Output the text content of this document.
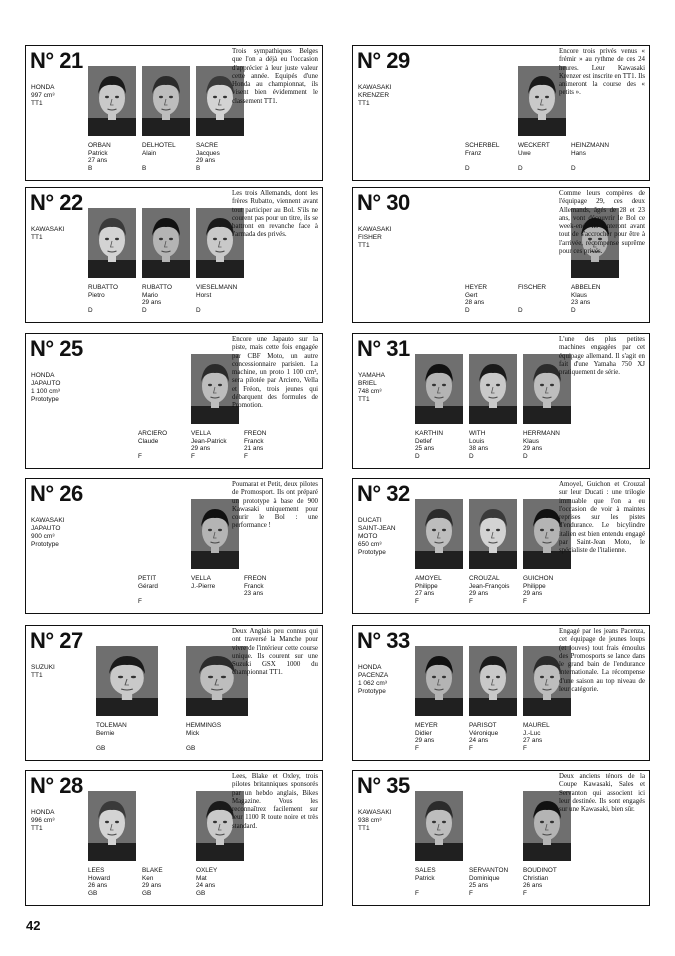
N° 21
HONDA
997 cm³
TT1
ORBAN
Patrick
27 ans
B
DELHOTEL
Alain

B
SACRE
Jacques
29 ans
B
Trois sympathiques Belges que l'on a déjà eu l'occasion d'apprécier à leur juste valeur cette année. Equipés d'une Honda au championnat, ils visent bien évidemment le classement TT1.
N° 29
KAWASAKI
KRENZER
TT1
SCHERBEL
Franz

D
WECKERT
Uwe

D
HEINZMANN
Hans

D
Encore trois privés venus « frémir » au rythme de ces 24 heures. Leur Kawasaki Krenzer est inscrite en TT1. Ils animeront la course des « petits ».
N° 22
KAWASAKI
TT1
RUBATTO
Pietro

D
RUBATTO
Mario
29 ans
D
VIESELMANN
Horst

D
Les trois Allemands, dont les frères Rubatto, viennent avant tout participer au Bol. S'ils ne courent pas pour un titre, ils se battront en revanche face à l'armada des privés.
N° 30
KAWASAKI
FISHER
TT1
HEYER
Gert
28 ans
D
FISCHER

D
ABBELEN
Klaus
23 ans
D
Comme leurs compères de l'équipage 29, ces deux Allemands, âgés de 28 et 23 ans, vont découvrir le Bol ce week-end. Ils tenteront avant tout de s'accrocher pour être à l'arrivée, récompense suprême pour ces privés.
N° 25
HONDA
JAPAUTO
1 100 cm³
Prototype
ARCIERO
Claude

F
VELLA
Jean-Patrick
29 ans
F
FREON
Franck
21 ans
F
Encore une Japauto sur la piste, mais cette fois engagée par CBF Moto, un autre concessionnaire parisien. La machine, un proto 1 100 cm³, sera pilotée par Arciero, Vella et Fréon, trois jeunes qui débarquent des formules de Promotion.
N° 31
YAMAHA
BRIEL
748 cm³
TT1
KARTHIN
Detlef
25 ans
D
WITH
Louis
38 ans
D
HERRMANN
Klaus
29 ans
D
L'une des plus petites machines engagées par cet équipage allemand. Il s'agit en fait d'une Yamaha 750 XJ pratiquement de série.
N° 26
KAWASAKI
JAPAUTO
900 cm³
Prototype
PETIT
Gérard

F
VELLA
J.-Pierre

FREON
Franck
23 ans

Poumarat et Petit, deux pilotes de Promosport. Ils ont préparé un prototype à base de 900 Kawasaki uniquement pour courir le Bol : une performance !
N° 32
DUCATI
SAINT-JEAN
MOTO
650 cm³
Prototype
AMOYEL
Philippe
27 ans
F
CROUZAL
Jean-François
29 ans
F
GUICHON
Philippe
29 ans
F
Amoyel, Guichon et Crouzal sur leur Ducati : une trilogie immuable que l'on a eu l'occasion de voir à maintes reprises sur les pistes d'endurance. Le bicylindre italien est bien entendu engagé par Saint-Jean Moto, le spécialiste de l'italienne.
N° 27
SUZUKI
TT1
TOLEMAN
Bernie

GB
HEMMINGS
Mick

GB
Deux Anglais peu connus qui ont traversé la Manche pour vivre de l'intérieur cette course unique. Ils courent sur une Suzuki GSX 1000 du championnat TT1.
N° 33
HONDA
PACENZA
1 062 cm³
Prototype
MEYER
Didier
29 ans
F
PARISOT
Véronique
24 ans
F
MAUREL
J.-Luc
27 ans
F
Engagé par les jeans Pacenza, cet équipage de jeunes loups (et louves) tout frais émoulus des Promosports se lance dans le grand bain de l'endurance internationale. La récompense d'une saison au top niveau de leur catégorie.
N° 28
HONDA
996 cm³
TT1
LEES
Howard
26 ans
GB
BLAKE
Ken
29 ans
GB
OXLEY
Mat
24 ans
GB
Lees, Blake et Oxley, trois pilotes britanniques sponsorés par un hebdo anglais, Bikes Magazine. Vous les reconnaîtrez facilement sur leur 1100 R toute noire et très standard.
N° 35
KAWASAKI
938 cm³
TT1
SALES
Patrick

F
SERVANTON
Dominique
25 ans
F
BOUDINOT
Christian
26 ans
F
Deux anciens ténors de la Coupe Kawasaki, Sales et Servanton qui associent ici leur destinée. Ils sont engagés sur une Kawasaki, bien sûr.
42
